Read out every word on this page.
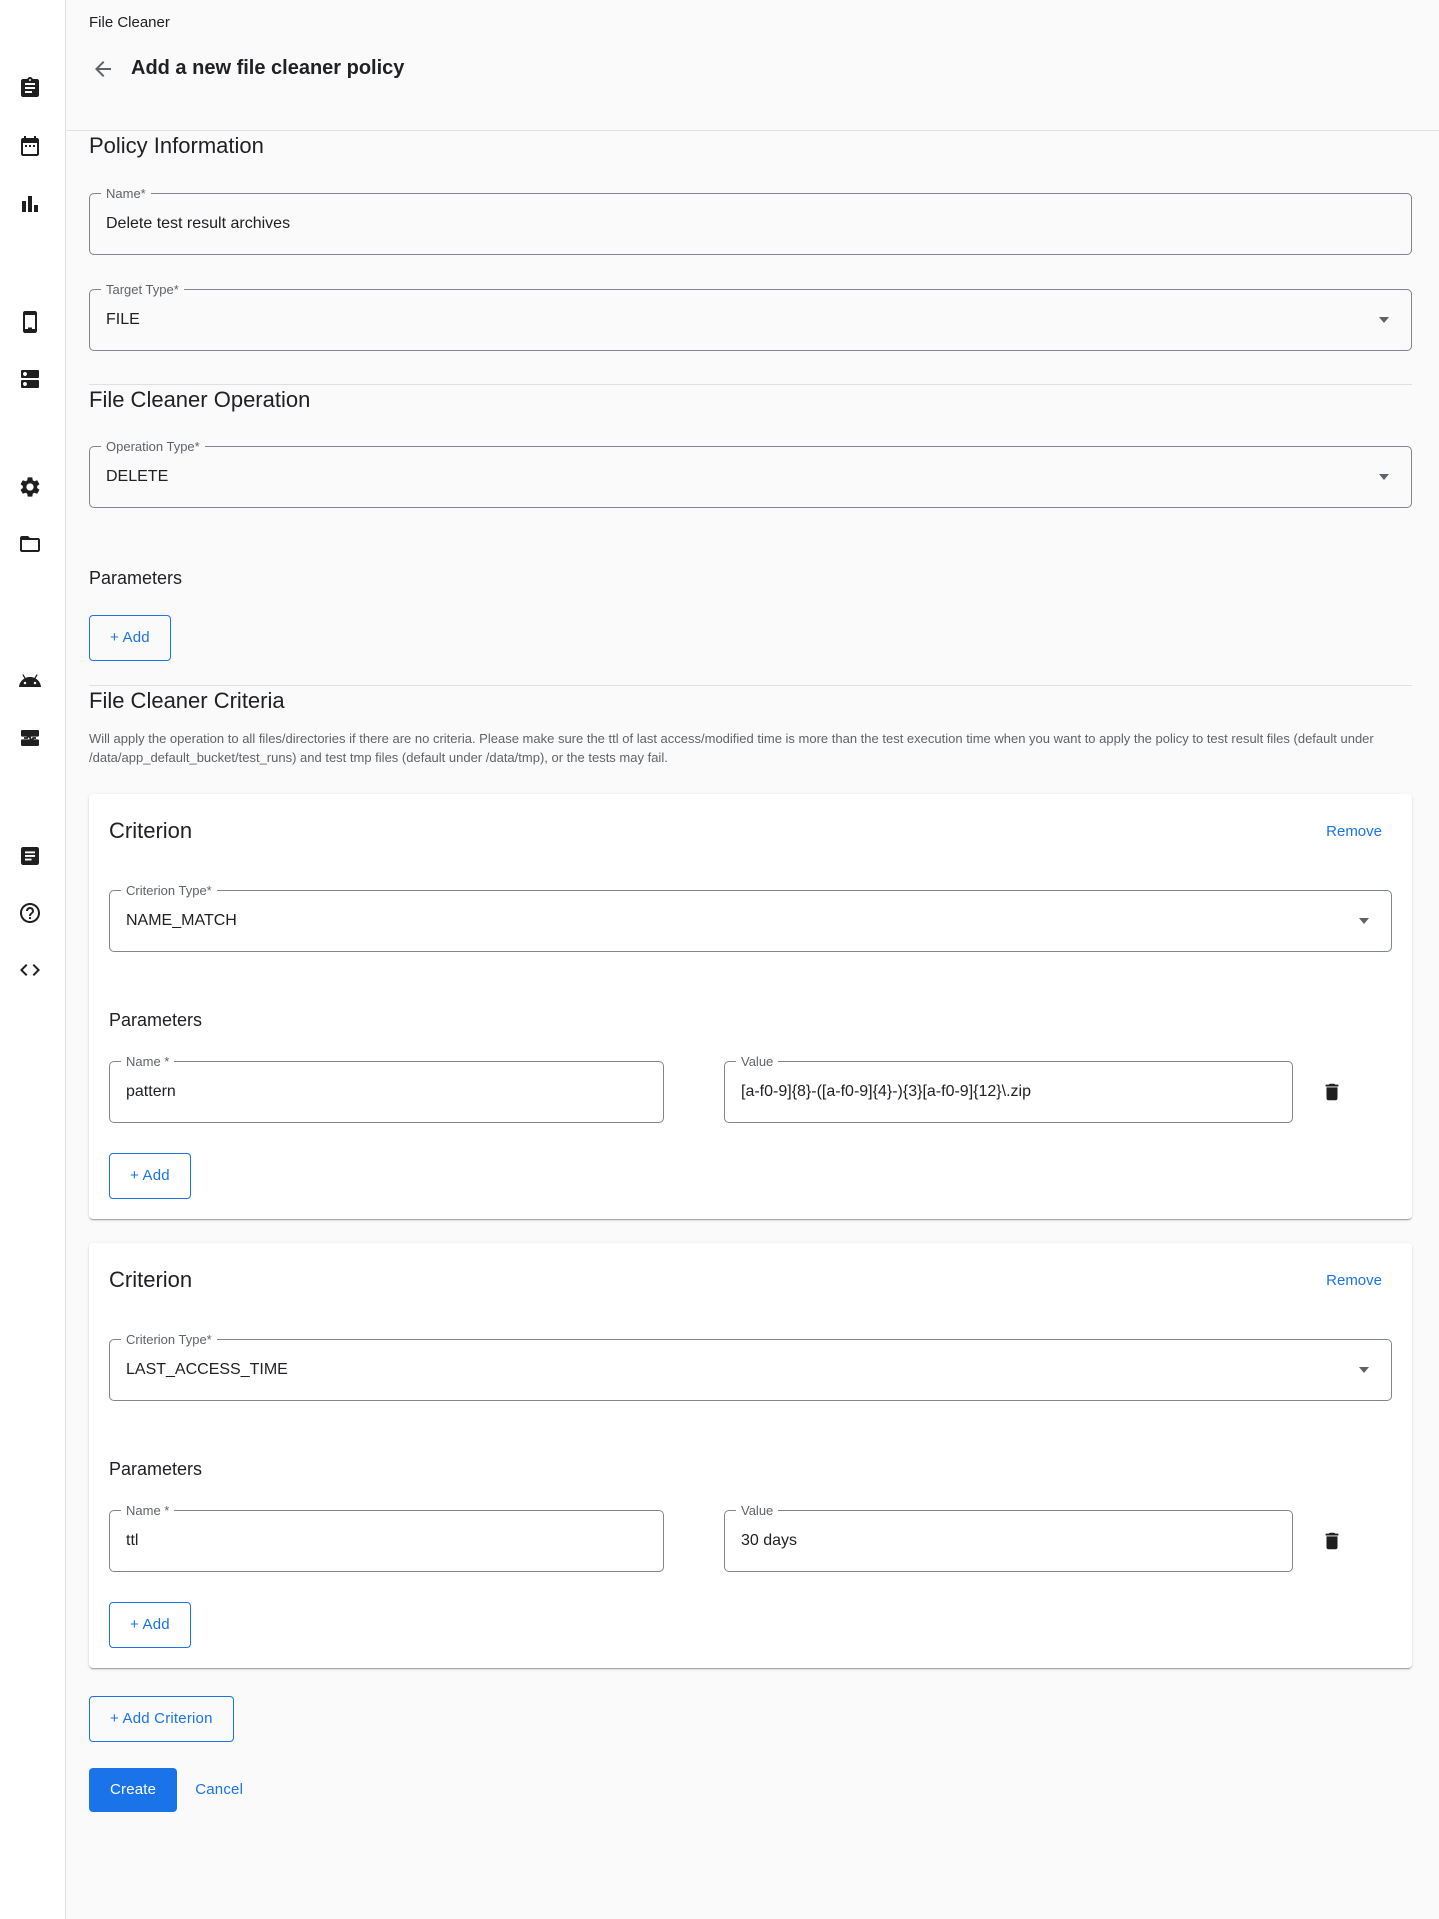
File Cleaner
Add a new file cleaner policy
Policy Information
Name*
Delete test result archives
Target Type*
FILE
File Cleaner Operation
Operation Type*
DELETE
Parameters
+ Add
File Cleaner Criteria

Will apply the operation to all files/directories if there are no criteria. Please make sure the ttl of last access/modified time is more than the test execution time when you want to apply the policy to test result files (default under /data/app_default_bucket/test_runs) and test tmp files (default under /data/tmp), or the tests may fail.

Criterion	Remove
Criterion Type*
NAME_MATCH
Parameters
Name *
pattern
Value
[a-f0-9]{8}-([a-f0-9]{4}-){3}[a-f0-9]{12}\.zip
+ Add
Criterion	Remove
Criterion Type*
LAST_ACCESS_TIME
Parameters
Name *
ttl
Value
30 days
+ Add
+ Add Criterion
Create	Cancel
